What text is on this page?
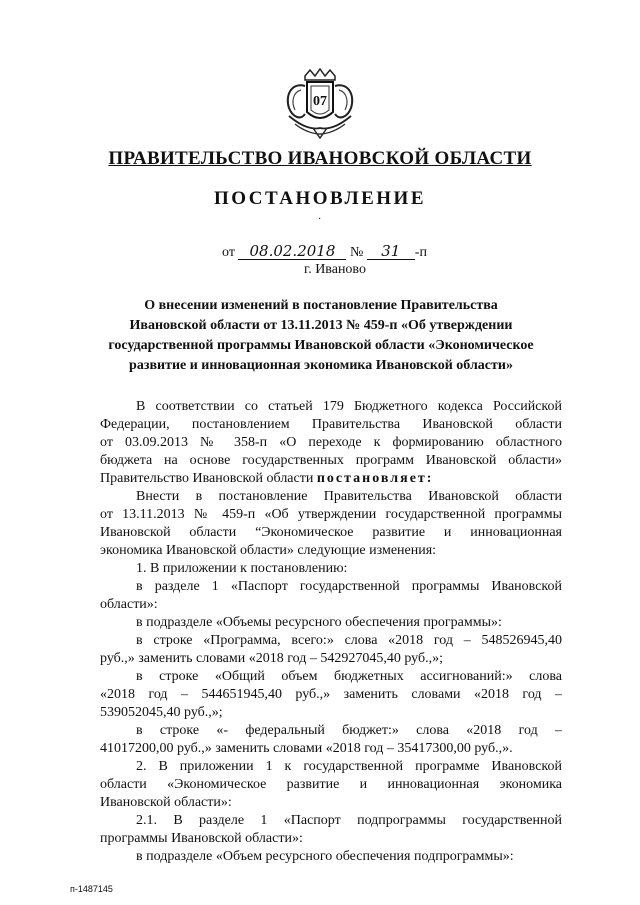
07
ПРАВИТЕЛЬСТВО ИВАНОВСКОЙ ОБЛАСТИ
ПОСТАНОВЛЕНИЕ
·
от 08.02.2018 № 31 -п
г. Иваново
О внесении изменений в постановление Правительства
Ивановской области от 13.11.2013 № 459-п «Об утверждении
государственной программы Ивановской области «Экономическое
развитие и инновационная экономика Ивановской области»

В соответствии со статьей 179 Бюджетного кодекса Российской

Федерации, постановлением Правительства Ивановской области

от 03.09.2013 № 358-п «О переходе к формированию областного

бюджета на основе государственных программ Ивановской области»

Правительство Ивановской области постановляет:

Внести в постановление Правительства Ивановской области

от 13.11.2013 № 459-п «Об утверждении государственной программы

Ивановской области “Экономическое развитие и инновационная

экономика Ивановской области» следующие изменения:

1. В приложении к постановлению:

в разделе 1 «Паспорт государственной программы Ивановской

области»:

в подразделе «Объемы ресурсного обеспечения программы»:

в строке «Программа, всего:» слова «2018 год – 548526945,40

руб.,» заменить словами «2018 год – 542927045,40 руб.,»;

в строке «Общий объем бюджетных ассигнований:» слова

«2018 год – 544651945,40 руб.,» заменить словами «2018 год –

539052045,40 руб.,»;

в строке «- федеральный бюджет:» слова «2018 год –

41017200,00 руб.,» заменить словами «2018 год – 35417300,00 руб.,».

2. В приложении 1 к государственной программе Ивановской

области «Экономическое развитие и инновационная экономика

Ивановской области»:

2.1. В разделе 1 «Паспорт подпрограммы государственной

программы Ивановской области»:

в подразделе «Объем ресурсного обеспечения подпрограммы»:

п-1487145
